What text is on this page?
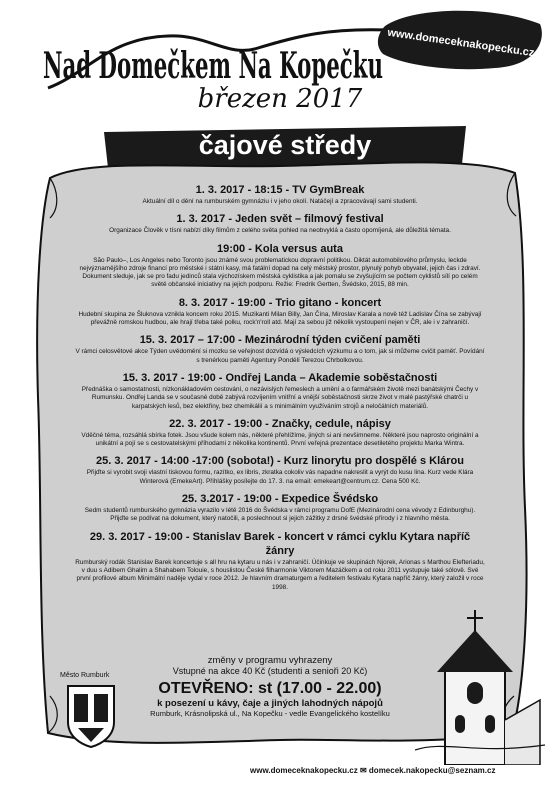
Nad Domečkem Na Kopečku
www.domeceknakopecku.cz
březen 2017
čajové středy
1. 3. 2017 - 18:15 - TV GymBreak
Aktuální díl o dění na rumburském gymnáziu i v jeho okolí. Natáčejí a zpracovávají sami studenti.
1. 3. 2017 - Jeden svět – filmový festival
Organizace Člověk v tísni nabízí díky filmům z celého světa pohled na neobvyklá a často opomíjená, ale důležitá témata.
19:00 - Kola versus auta
São Paulo–, Los Angeles nebo Toronto jsou známé svou problematickou dopravní politikou. Diktát automobilového průmyslu, leckde nejvýznamějšího zdroje financí pro městské i státní kasy, má fatální dopad na celý městský prostor, plynulý pohyb obyvatel, jejich čas i zdraví. Dokument sleduje, jak se pro fadu jedinců stala výchozískem městská cyklistika a jak pomalu se zvyšujícím se počtem cyklistů sílí po celém světě občanské iniciativy na jejich podporu. Režie: Fredrik Gertten, Švédsko, 2015, 88 min.
8. 3. 2017 - 19:00 - Trio gitano - koncert
Hudební skupina ze Šluknova vznikla koncem roku 2015. Muzikanti Milan Billy, Jan Čína, Miroslav Karala a nově též Ladislav Čína se zabývají převážně romskou hudbou, ale hrají třeba také polku, rock'n'roll atd. Mají za sebou již několik vystoupení nejen v ČR, ale i v zahraničí.
15. 3. 2017 – 17:00 - Mezinárodní týden cvičení paměti
V rámci celosvětové akce Týden uvědomění si mozku se veřejnost dozvídá o výsledcích výzkumu a o tom, jak si můžeme cvičit paměť. Povídání s trenérkou paměti Agentury Pondělí Terezou Chrbolkovou.
15. 3. 2017 - 19:00 - Ondřej Landa – Akademie soběstačnosti
Přednáška o samostatnosti, nízkonákladovém cestování, o nezávislých řemeslech a umění a o farmářském životě mezi banátskými Čechy v Rumunsku. Ondřej Landa se v současné době zabývá rozvíjením vnitřní a vnější soběstačnosti skrze život v malé pastýřské chatrči u karpatských lesů, bez elektřiny, bez chemikálií a s minimálním využíváním strojů a neločálních materiálů.
22. 3. 2017 - 19:00 - Značky, cedule, nápisy
Vděčné téma, rozsáhlá sbírka fotek. Jsou všude kolem nás, některé přehlížíme, jiných si ani nevšimneme. Některé jsou naprosto originální a unikátní a pojí se s cestovatelskými příhodami z několika kontinentů. První veřejná prezentace desetiletého projektu Marka Wintra.
25. 3. 2017 - 14:00 -17:00 (sobota!) - Kurz linorytu pro dospělé s Klárou
Přijďte si vyrobit svoji vlastní tiskovou formu, razítko, ex libris, zkratka cokoliv vás napadne nakreslit a vyrýt do kusu lina. Kurz vede Klára Winterová (EmekeArt). Přihlášky posílejte do 17. 3. na email: emekeart@centrum.cz. Cena 500 Kč.
25. 3.2017 - 19:00 - Expedice Švédsko
Sedm studentů rumburského gymnázia vyrazilo v létě 2016 do Švédska v rámci programu DofE (Mezinárodní cena vévody z Edinburghu). Přijďte se podívat na dokument, který natočili, a poslechnout si jejich zážitky z drsné švédské přírody i z hlavního města.
29. 3. 2017 - 19:00 - Stanislav Barek - koncert v rámci cyklu Kytara napříč žánry
Rumburský rodák Stanislav Barek koncertuje s all hru na kytaru u nás i v zahraničí. Účinkuje ve skupinách Njorek, Arionas s Marthou Elefteriadu, v duu s Adibem Ghalim a Shahabem Tolouie, s houslistou České filharmonie Viktorem Mazáčkem a od roku 2011 vystupuje také sólově. Své první profilové album Minimální naděje vydal v roce 2012. Je hlavním dramaturgem a ředitelem festivalu Kytara napříč žánry, který založil v roce 1998.
Město Rumburk
změny v programu vyhrazeny
Vstupné na akce 40 Kč (studenti a senioři 20 Kč)
OTEVŘENO: st (17.00 - 22.00)
k posezení u kávy, čaje a jiných lahodných nápojů
Rumburk, Krásnolipská ul., Na Kopečku - vedle Evangelického kostelíku
www.domeceknakopecku.cz ✉ domecek.nakopecku@seznam.cz
